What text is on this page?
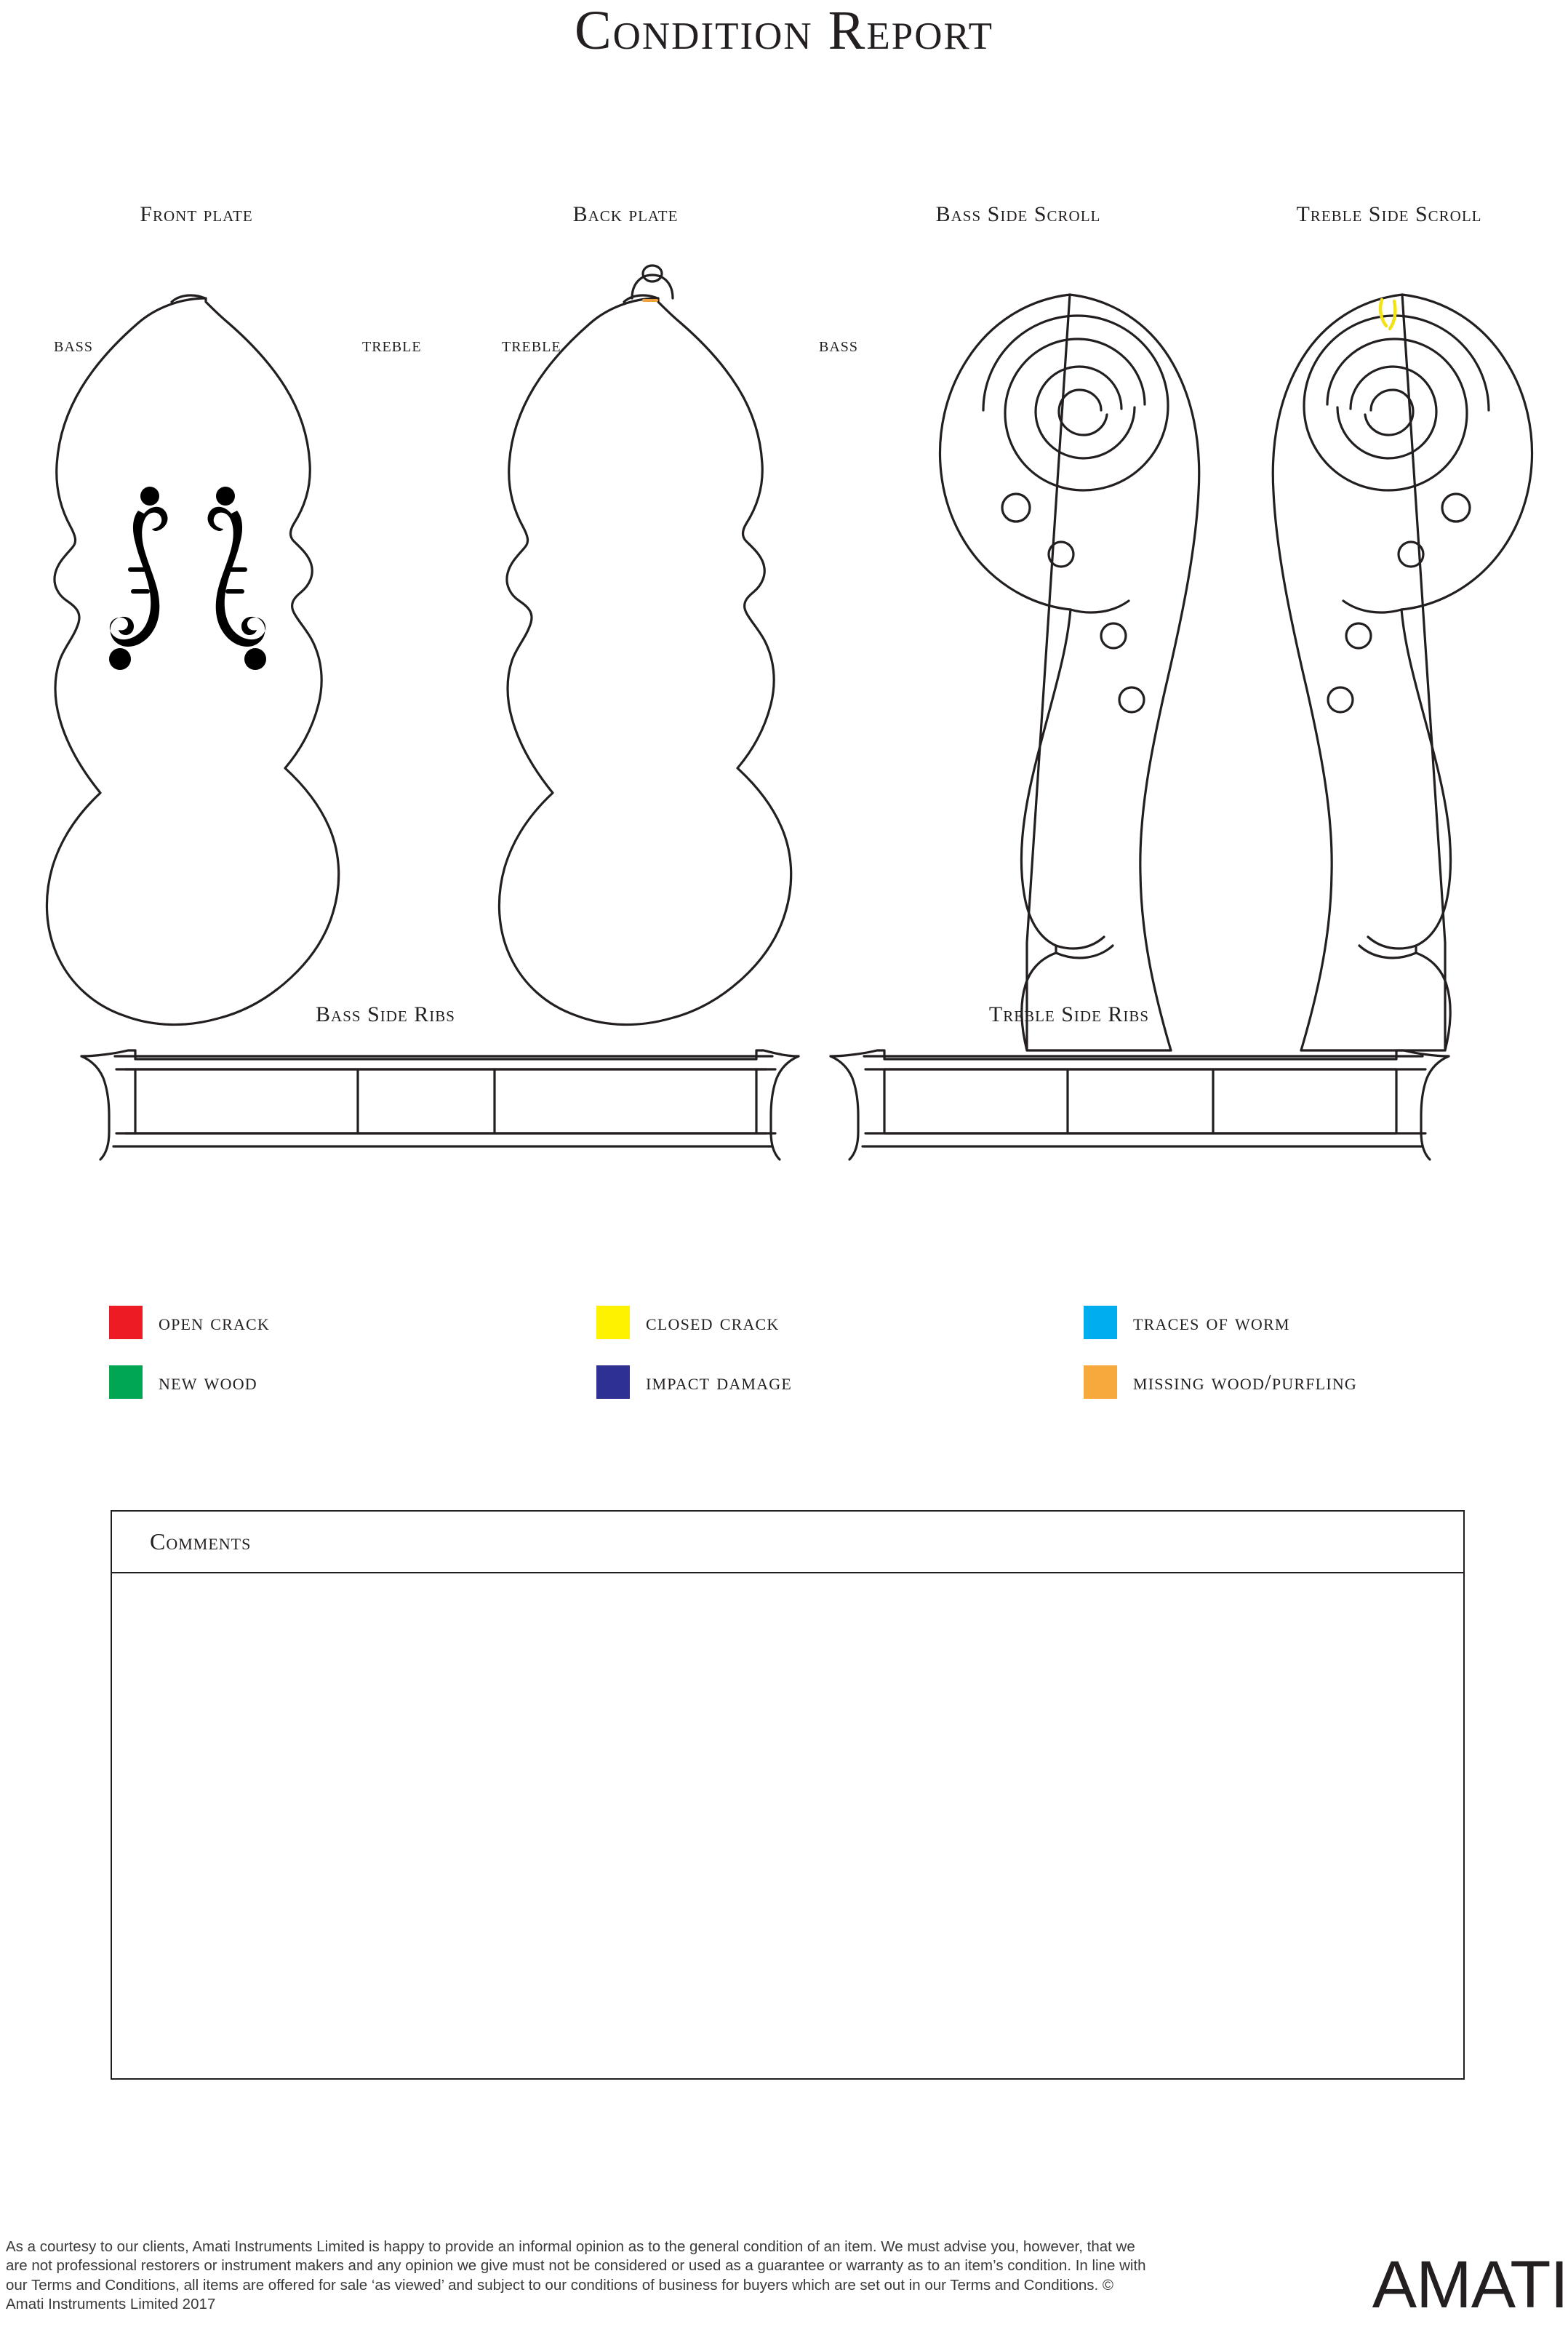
Condition Report
Front plate	Back plate	Bass Side Scroll	Treble Side Scroll
BASS	TREBLE	TREBLE	BASS
Bass Side Ribs	Treble Side Ribs
open crack	closed crack	traces of worm
new wood	impact damage	missing wood/purfling
Comments
As a courtesy to our clients, Amati Instruments Limited is happy to provide an informal opinion as to the general condition of an item. We must advise you, however, that we are not professional restorers or instrument makers and any opinion we give must not be considered or used as a guarantee or warranty as to an item’s condition. In line with our Terms and Conditions, all items are offered for sale ‘as viewed’ and subject to our conditions of business for buyers which are set out in our Terms and Conditions. © Amati Instruments Limited 2017	AMATI
